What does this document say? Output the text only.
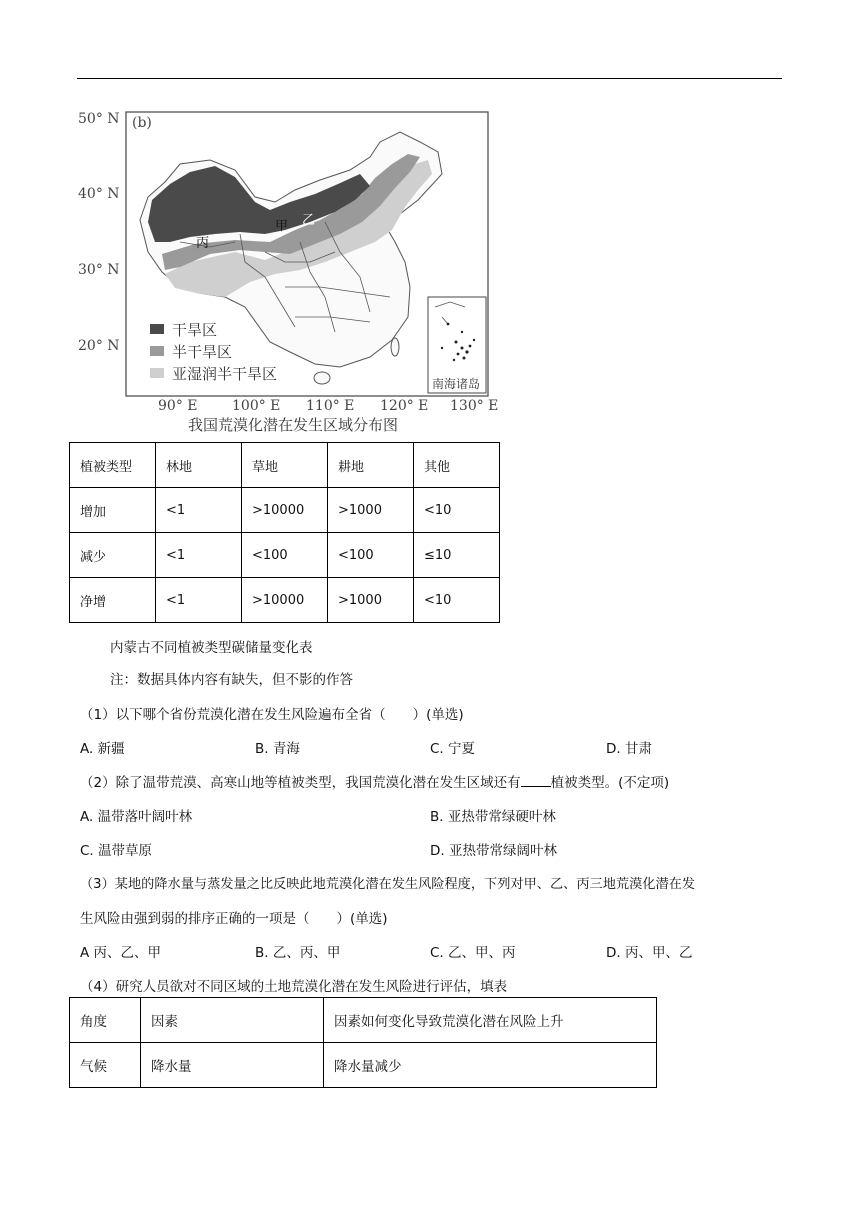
50° N
40° N
30° N
20° N
(b)
90° E 100° E 110° E 120° E 130° E
甲 乙
丙
干旱区
半干旱区
亚湿润半干旱区
南海诸岛
我国荒漠化潜在发生区域分布图
植被类型	林地	草地	耕地	其他
增加	<1	>10000	>1000	<10
减少	<1	<100	<100	≤10
净增	<1	>10000	>1000	<10
内蒙古不同植被类型碳储量变化表
注：数据具体内容有缺失，但不影的作答
（1）以下哪个省份荒漠化潜在发生风险遍布全省（　　）(单选)
A. 新疆	B. 青海	C. 宁夏	D. 甘肃
（2）除了温带荒漠、高寒山地等植被类型，我国荒漠化潜在发生区域还有 植被类型。(不定项)
A. 温带落叶阔叶林	B. 亚热带常绿硬叶林
C. 温带草原	D. 亚热带常绿阔叶林
（3）某地的降水量与蒸发量之比反映此地荒漠化潜在发生风险程度，下列对甲、乙、丙三地荒漠化潜在发
生风险由强到弱的排序正确的一项是（　　）(单选)
A 丙、乙、甲	B. 乙、丙、甲	C. 乙、甲、丙	D. 丙、甲、乙
（4）研究人员欲对不同区域的土地荒漠化潜在发生风险进行评估，填表
角度	因素	因素如何变化导致荒漠化潜在风险上升
气候	降水量	降水量减少
